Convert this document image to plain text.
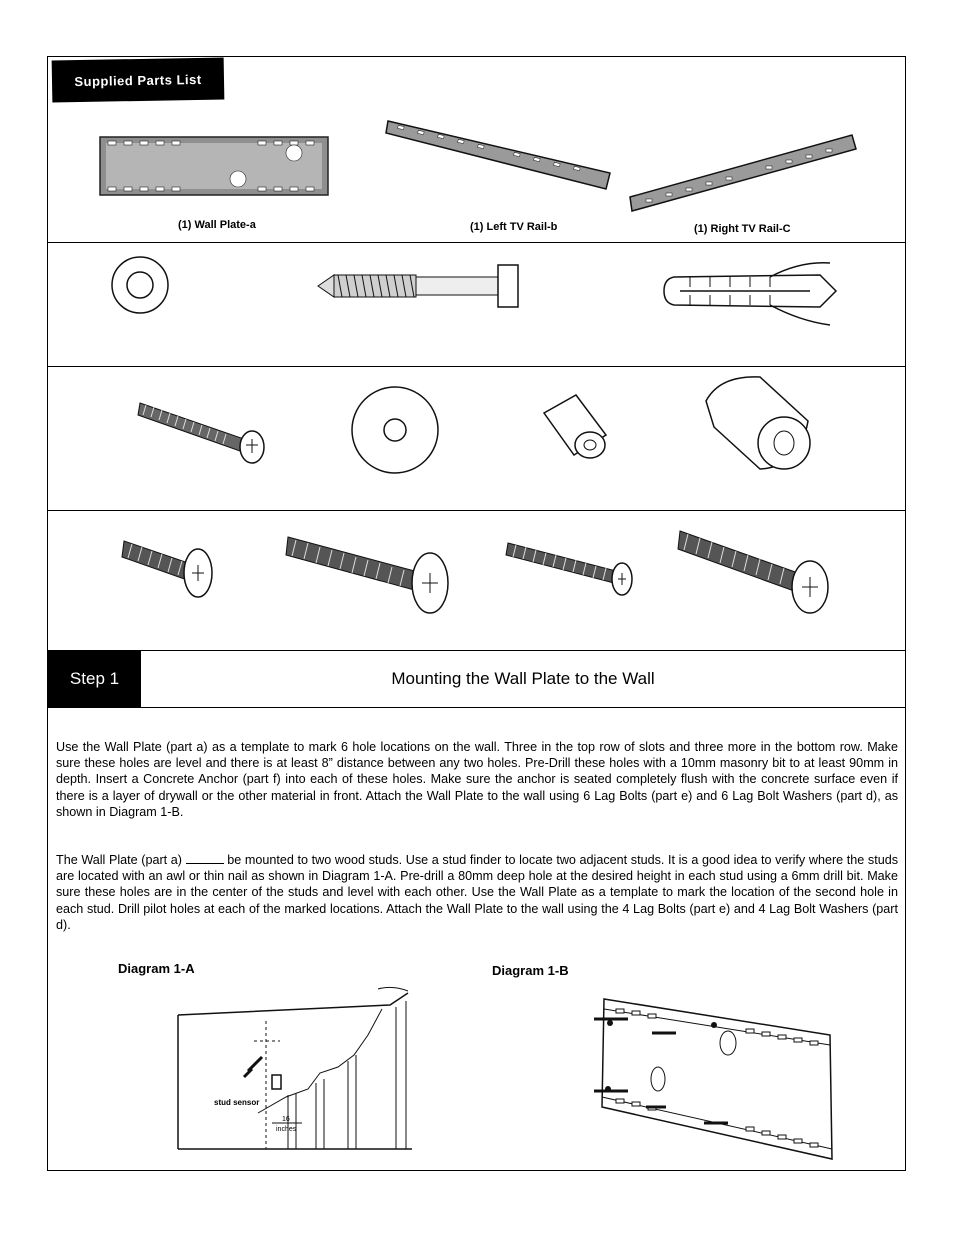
Supplied Parts List
(1) Wall Plate-a	(1) Left TV Rail-b	(1) Right TV Rail-C
Step 1	Mounting the Wall Plate to the Wall
Use the Wall Plate (part a) as a template to mark 6 hole locations on the wall. Three in the top row of slots and three more in the bottom row. Make sure these holes are level and there is at least 8” distance between any two holes. Pre-Drill these holes with a 10mm masonry bit to at least 90mm in depth. Insert a Concrete Anchor (part f) into each of these holes. Make sure the anchor is seated completely flush with the concrete surface even if there is a layer of drywall or the other material in front. Attach the Wall Plate to the wall using 6 Lag Bolts (part e) and 6 Lag Bolt Washers (part d), as shown in Diagram 1-B.
The Wall Plate (part a)	be mounted to two wood studs. Use a stud finder to locate two adjacent studs. It is a good idea to verify where the studs are located with an awl or thin nail as shown in Diagram 1-A. Pre-drill a 80mm deep hole at the desired height in each stud using a 6mm drill bit. Make sure these holes are in the center of the studs and level with each other. Use the Wall Plate as a template to mark the location of the second hole in each stud. Drill pilot holes at each of the marked locations. Attach the Wall Plate to the wall using the 4 Lag Bolts (part e) and 4 Lag Bolt Washers (part d).
Diagram 1-A	Diagram 1-B
stud sensor
16
inches
